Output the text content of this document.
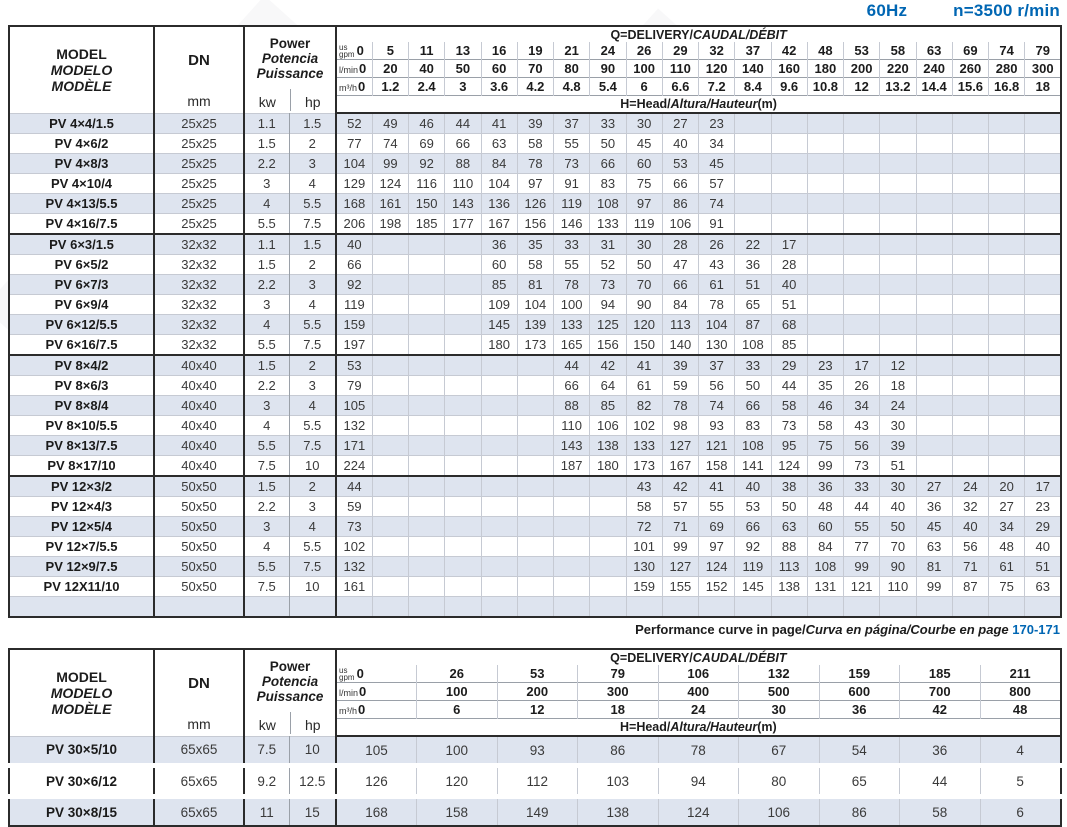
60Hz	n=3500 r/min
MODEL
MODELO
MODÈLE

DN
mm

Power
Potencia
Puissance
kw	hp
	Q=DELIVERY/CAUDAL/DÉBIT

				us
gpm 0	5	11	13	16	19	21	24	26	29	32	37	42	48	53	58	63	69	74	79
				l/min0	20	40	50	60	70	80	90	100	110	120	140	160	180	200	220	240	260	280	300
				m³/h0	1.2	2.4	3	3.6	4.2	4.8	5.4	6	6.6	7.2	8.4	9.6	10.8	12	13.2	14.4	15.6	16.8	18
				H=Head/Altura/Hauteur(m)																			
PV 4×4/1.5	25x25	1.1	1.5	52	49	46	44	41	39	37	33	30	27	23									
PV 4×6/2	25x25	1.5	2	77	74	69	66	63	58	55	50	45	40	34									
PV 4×8/3	25x25	2.2	3	104	99	92	88	84	78	73	66	60	53	45									
PV 4×10/4	25x25	3	4	129	124	116	110	104	97	91	83	75	66	57									
PV 4×13/5.5	25x25	4	5.5	168	161	150	143	136	126	119	108	97	86	74									
PV 4×16/7.5	25x25	5.5	7.5	206	198	185	177	167	156	146	133	119	106	91									
PV 6×3/1.5	32x32	1.1	1.5	40				36	35	33	31	30	28	26	22	17							
PV 6×5/2	32x32	1.5	2	66				60	58	55	52	50	47	43	36	28							
PV 6×7/3	32x32	2.2	3	92				85	81	78	73	70	66	61	51	40							
PV 6×9/4	32x32	3	4	119				109	104	100	94	90	84	78	65	51							
PV 6×12/5.5	32x32	4	5.5	159				145	139	133	125	120	113	104	87	68							
PV 6×16/7.5	32x32	5.5	7.5	197				180	173	165	156	150	140	130	108	85							
PV 8×4/2	40x40	1.5	2	53						44	42	41	39	37	33	29	23	17	12				
PV 8×6/3	40x40	2.2	3	79						66	64	61	59	56	50	44	35	26	18				
PV 8×8/4	40x40	3	4	105						88	85	82	78	74	66	58	46	34	24				
PV 8×10/5.5	40x40	4	5.5	132						110	106	102	98	93	83	73	58	43	30				
PV 8×13/7.5	40x40	5.5	7.5	171						143	138	133	127	121	108	95	75	56	39				
PV 8×17/10	40x40	7.5	10	224						187	180	173	167	158	141	124	99	73	51				
PV 12×3/2	50x50	1.5	2	44								43	42	41	40	38	36	33	30	27	24	20	17
PV 12×4/3	50x50	2.2	3	59								58	57	55	53	50	48	44	40	36	32	27	23
PV 12×5/4	50x50	3	4	73								72	71	69	66	63	60	55	50	45	40	34	29
PV 12×7/5.5	50x50	4	5.5	102								101	99	97	92	88	84	77	70	63	56	48	40
PV 12×9/7.5	50x50	5.5	7.5	132								130	127	124	119	113	108	99	90	81	71	61	51
PV 12X11/10	50x50	7.5	10	161								159	155	152	145	138	131	121	110	99	87	75	63

Performance curve in page/Curva en página/Courbe en page 170-171
MODEL
MODELO
MODÈLE

DN
mm

Power
Potencia
Puissance
kw	hp
	Q=DELIVERY/CAUDAL/DÉBIT

				us
gpm 0	26	53	79	106	132	159	185	211
				l/min0	100	200	300	400	500	600	700	800
				m³/h0	6	12	18	24	30	36	42	48
				H=Head/Altura/Hauteur(m)								
PV 30×5/10	65x65	7.5	10	105	100	93	86	78	67	54	36	4
PV 30×6/12	65x65	9.2	12.5	126	120	112	103	94	80	65	44	5
PV 30×8/15	65x65	11	15	168	158	149	138	124	106	86	58	6
